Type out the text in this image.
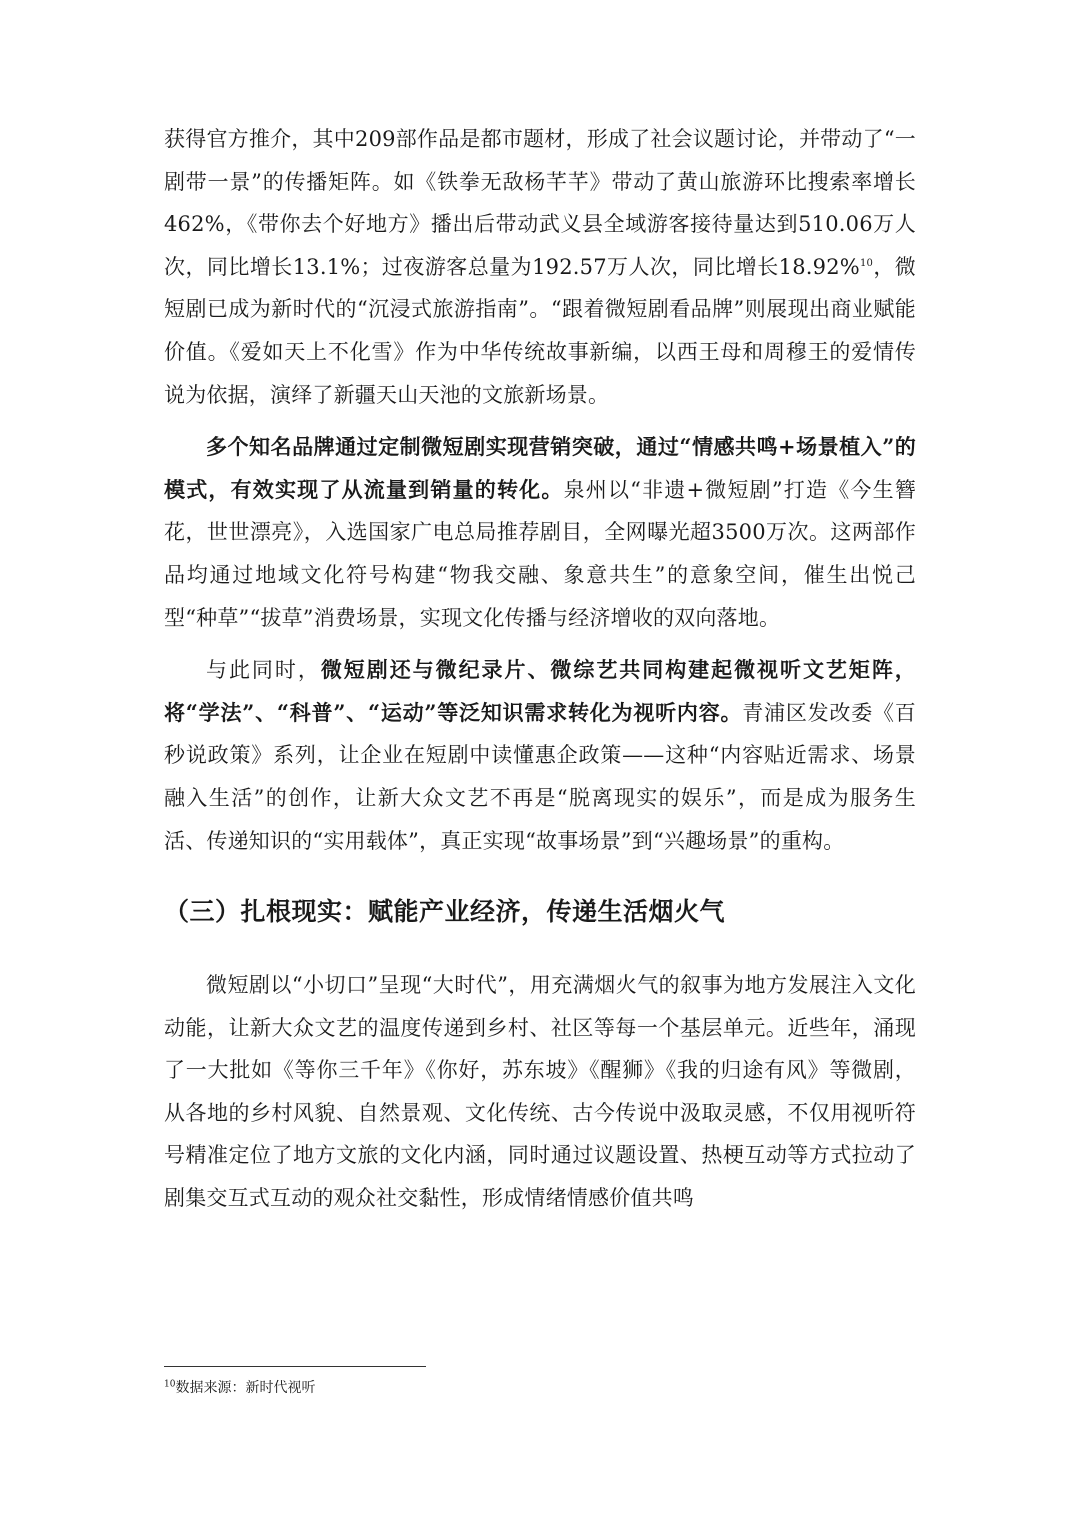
获得官方推介，其中209部作品是都市题材，形成了社会议题讨论，并带动了“一剧带一景”的传播矩阵。如《铁拳无敌杨芊芊》带动了黄山旅游环比搜索率增长462%，《带你去个好地方》播出后带动武义县全域游客接待量达到510.06万人次，同比增长13.1%；过夜游客总量为192.57万人次，同比增长18.92%$^{10}$，微短剧已成为新时代的“沉浸式旅游指南”。“跟着微短剧看品牌”则展现出商业赋能价值。《爱如天上不化雪》作为中华传统故事新编，以西王母和周穆王的爱情传说为依据，演绎了新疆天山天池的文旅新场景。

多个知名品牌通过定制微短剧实现营销突破，通过“情感共鸣+场景植入”的模式，有效实现了从流量到销量的转化。泉州以“非遗+微短剧”打造《今生簪花，世世漂亮》，入选国家广电总局推荐剧目，全网曝光超3500万次。这两部作品均通过地域文化符号构建“物我交融、象意共生”的意象空间，催生出悦己型“种草”“拔草”消费场景，实现文化传播与经济增收的双向落地。

与此同时，微短剧还与微纪录片、微综艺共同构建起微视听文艺矩阵，将“学法”、“科普”、“运动”等泛知识需求转化为视听内容。青浦区发改委《百秒说政策》系列，让企业在短剧中读懂惠企政策——这种“内容贴近需求、场景融入生活”的创作，让新大众文艺不再是“脱离现实的娱乐”，而是成为服务生活、传递知识的“实用载体”，真正实现“故事场景”到“兴趣场景”的重构。

（三）扎根现实：赋能产业经济，传递生活烟火气

微短剧以“小切口”呈现“大时代”，用充满烟火气的叙事为地方发展注入文化动能，让新大众文艺的温度传递到乡村、社区等每一个基层单元。近些年，涌现了一大批如《等你三千年》《你好，苏东坡》《醒狮》《我的归途有风》等微剧，从各地的乡村风貌、自然景观、文化传统、古今传说中汲取灵感，不仅用视听符号精准定位了地方文旅的文化内涵，同时通过议题设置、热梗互动等方式拉动了剧集交互式互动的观众社交黏性，形成情绪情感价值共鸣

$^{10}$数据来源：新时代视听
